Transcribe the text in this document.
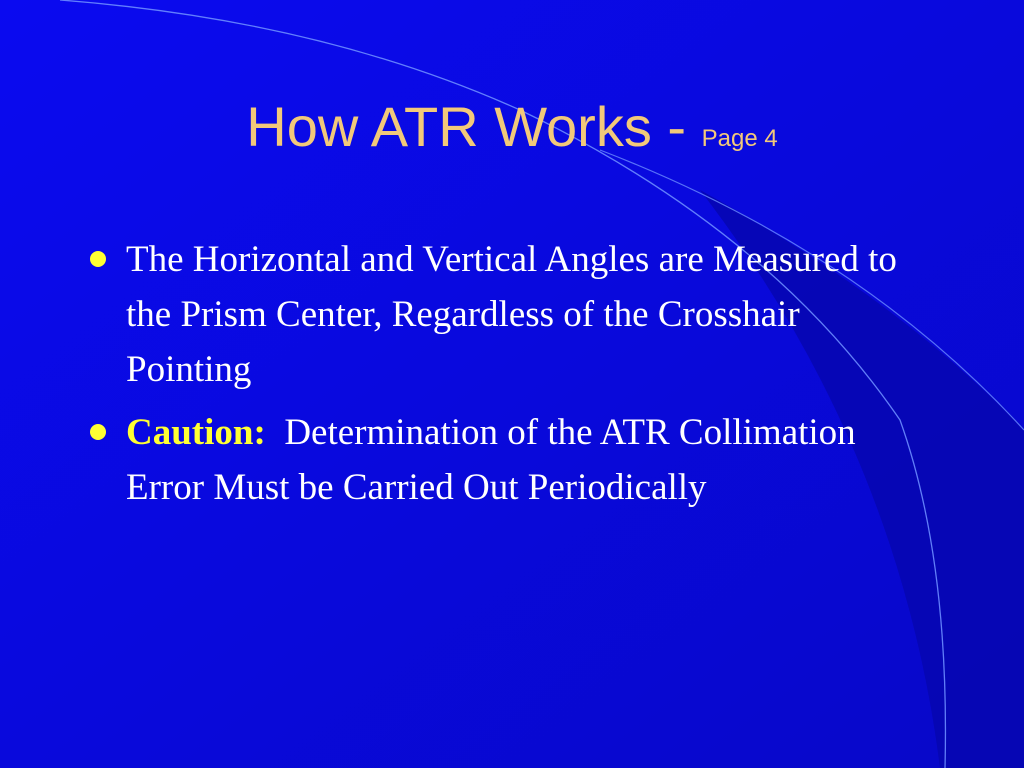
How ATR Works - Page 4
The Horizontal and Vertical Angles are Measured to the Prism Center, Regardless of the Crosshair Pointing
Caution: Determination of the ATR Collimation Error Must be Carried Out Periodically
